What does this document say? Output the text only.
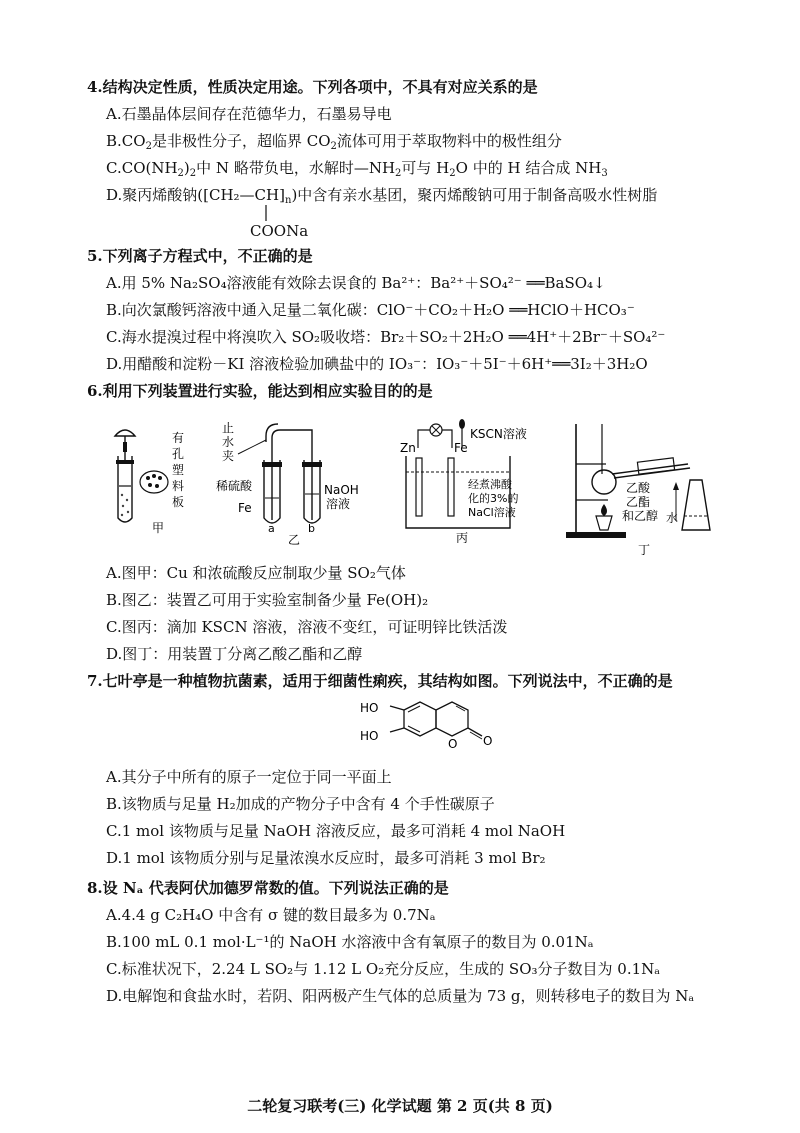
4.结构决定性质，性质决定用途。下列各项中，不具有对应关系的是
A.石墨晶体层间存在范德华力，石墨易导电
$B.CO_2$是非极性分子，超临界 $CO_2$流体可用于萃取物料中的极性组分
$C.CO(NH_2)_2$中 N 略带负电，水解时$—NH_2$可与 $H_2O$ 中的 H 结合成 $NH_3$
D.聚丙烯酸钠$([CH_2—CH]_n)$中含有亲水基团，聚丙烯酸钠可用于制备高吸水性树脂
COONa
5.下列离子方程式中，不正确的是
A.用 5% Na₂SO₄溶液能有效除去误食的 Ba²⁺：Ba²⁺＋SO₄²⁻ ══BaSO₄↓
B.向次氯酸钙溶液中通入足量二氧化碳：ClO⁻＋CO₂＋H₂O ══HClO＋HCO₃⁻
C.海水提溴过程中将溴吹入 SO₂吸收塔：Br₂＋SO₂＋2H₂O ══4H⁺＋2Br⁻＋SO₄²⁻
D.用醋酸和淀粉－KI 溶液检验加碘盐中的 IO₃⁻：IO₃⁻＋5I⁻＋6H⁺══3I₂＋3H₂O
6.利用下列装置进行实验，能达到相应实验目的的是
有
孔
塑
料
板
甲
止
水
夹
稀硫酸
Fe
NaOH
溶液
a	b
乙
Zn	Fe
KSCN溶液
经煮沸酸
化的3%的
NaCl溶液
丙
乙酸
乙酯
和乙醇 水
丁
A.图甲：Cu 和浓硫酸反应制取少量 SO₂气体
B.图乙：装置乙可用于实验室制备少量 Fe(OH)₂
C.图丙：滴加 KSCN 溶液，溶液不变红，可证明锌比铁活泼
D.图丁：用装置丁分离乙酸乙酯和乙醇
7.七叶亭是一种植物抗菌素，适用于细菌性痢疾，其结构如图。下列说法中，不正确的是
HO
HO
O O
A.其分子中所有的原子一定位于同一平面上
B.该物质与足量 H₂加成的产物分子中含有 4 个手性碳原子
C.1 mol 该物质与足量 NaOH 溶液反应，最多可消耗 4 mol NaOH
D.1 mol 该物质分别与足量浓溴水反应时，最多可消耗 3 mol Br₂
8.设 Nₐ 代表阿伏加德罗常数的值。下列说法正确的是
A.4.4 g C₂H₄O 中含有 σ 键的数目最多为 0.7Nₐ
B.100 mL 0.1 mol·L⁻¹的 NaOH 水溶液中含有氧原子的数目为 0.01Nₐ
C.标准状况下，2.24 L SO₂与 1.12 L O₂充分反应，生成的 SO₃分子数目为 0.1Nₐ
D.电解饱和食盐水时，若阴、阳两极产生气体的总质量为 73 g，则转移电子的数目为 Nₐ
二轮复习联考(三) 化学试题 第 2 页(共 8 页)
